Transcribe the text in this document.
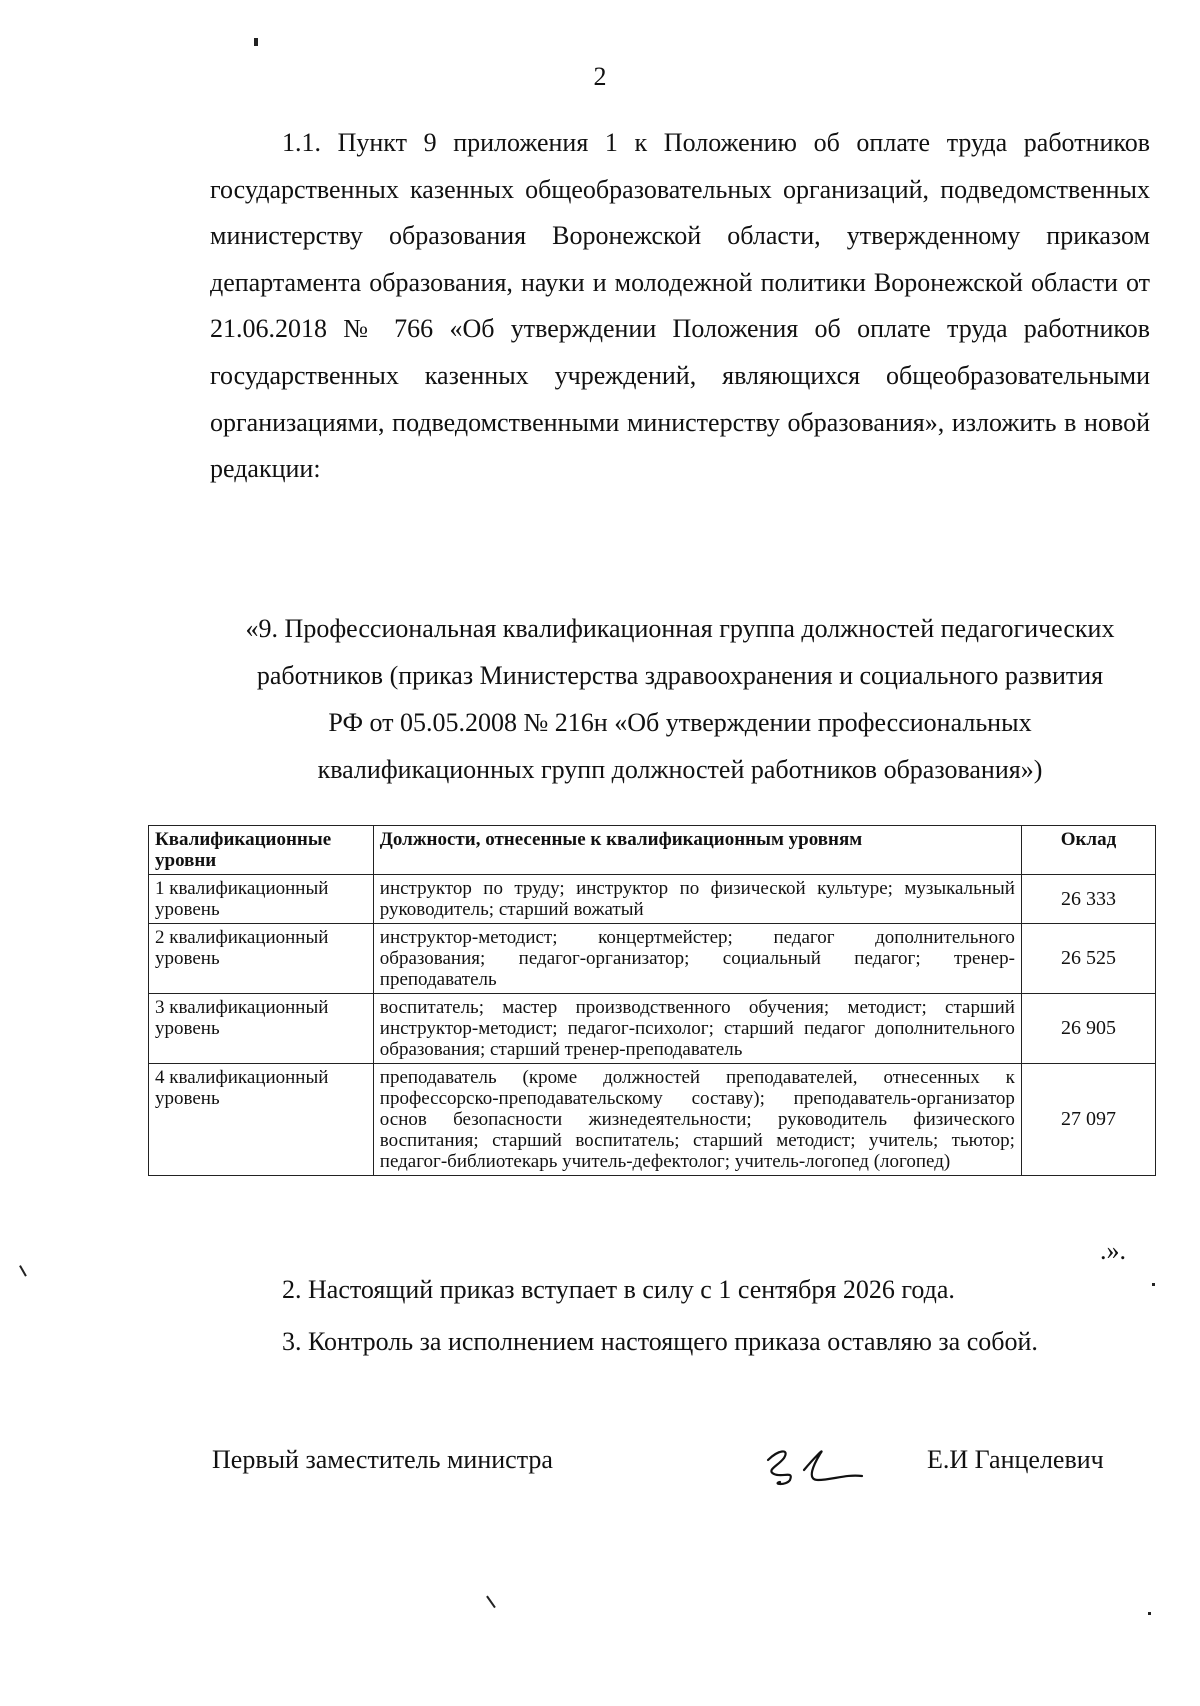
2

1.1. Пункт 9 приложения 1 к Положению об оплате труда работников государственных казенных общеобразовательных организаций, подведомственных министерству образования Воронежской области, утвержденному приказом департамента образования, науки и молодежной политики Воронежской области от 21.06.2018 № 766 «Об утверждении Положения об оплате труда работников государственных казенных учреждений, являющихся общеобразовательными организациями, подведомственными министерству образования», изложить в новой редакции:

«9. Профессиональная квалификационная группа должностей педагогических
работников (приказ Министерства здравоохранения и социального развития
РФ от 05.05.2008 № 216н «Об утверждении профессиональных
квалификационных групп должностей работников образования»)
Квалификационные уровни	Должности, отнесенные к квалификационным уровням	Оклад
1 квалификационный уровень	инструктор по труду; инструктор по физической культуре; музыкальный руководитель; старший вожатый	26 333
2 квалификационный уровень	инструктор-методист; концертмейстер; педагог дополнительного образования; педагог-организатор; социальный педагог; тренер-преподаватель	26 525
3 квалификационный уровень	воспитатель; мастер производственного обучения; методист; старший инструктор-методист; педагог-психолог; старший педагог дополнительного образования; старший тренер-преподаватель	26 905
4 квалификационный уровень	преподаватель (кроме должностей преподавателей, отнесенных к профессорско-преподавательскому составу); преподаватель-организатор основ безопасности жизнедеятельности; руководитель физического воспитания; старший воспитатель; старший методист; учитель; тьютор; педагог-библиотекарь учитель-дефектолог; учитель-логопед (логопед)	27 097
.».

2. Настоящий приказ вступает в силу с 1 сентября 2026 года.

3. Контроль за исполнением настоящего приказа оставляю за собой.

Первый заместитель министра	Е.И Ганцелевич
